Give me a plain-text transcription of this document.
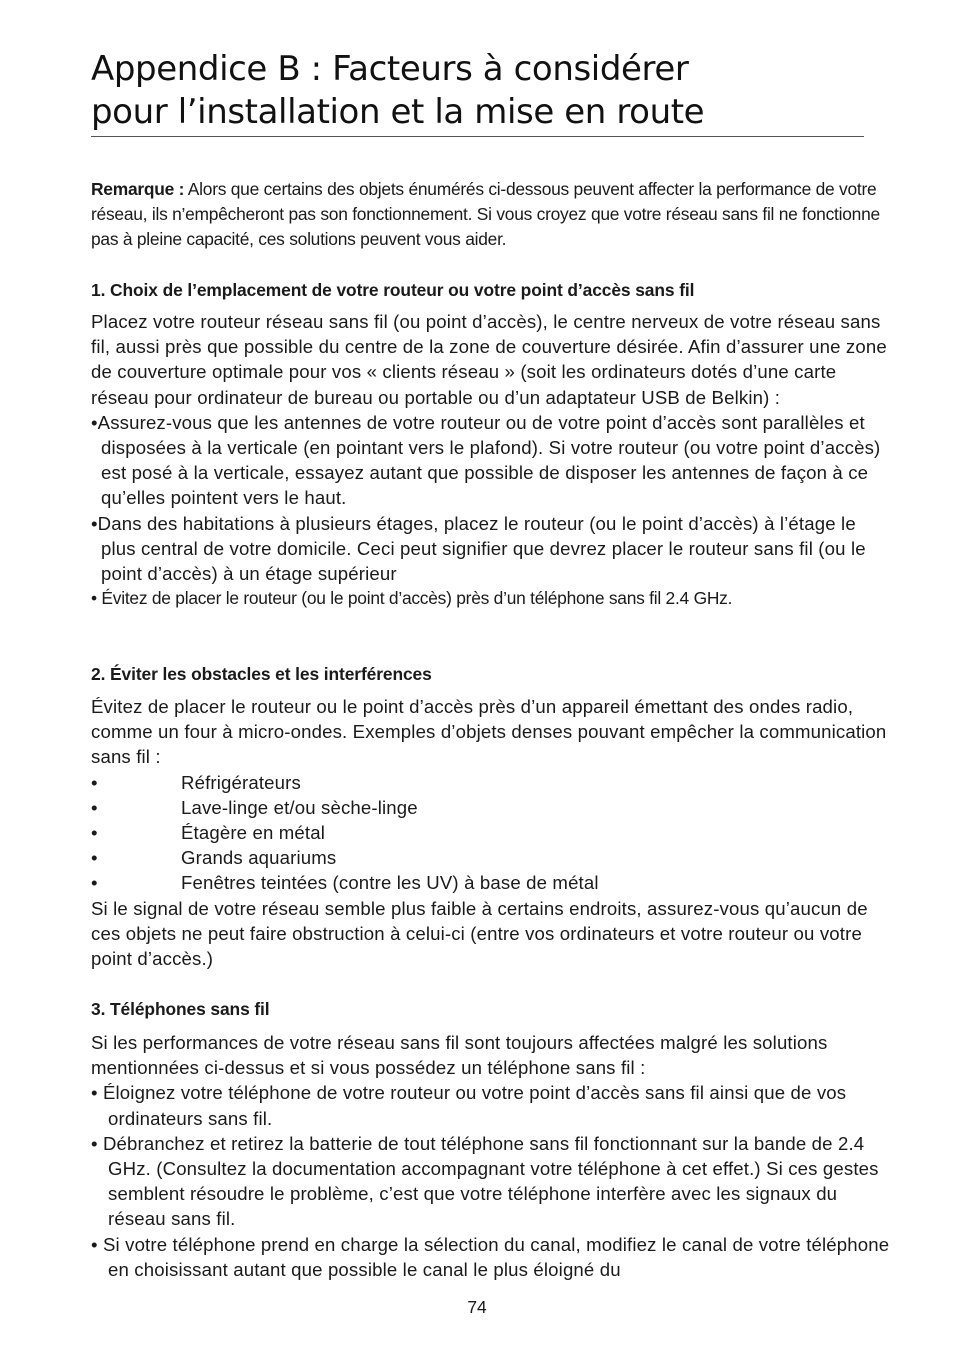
Appendice B : Facteurs à considérer
pour l’installation et la mise en route
Remarque : Alors que certains des objets énumérés ci-dessous peuvent affecter la performance de votre réseau, ils n’empêcheront pas son fonctionnement. Si vous croyez que votre réseau sans fil ne fonctionne pas à pleine capacité, ces solutions peuvent vous aider.

1. Choix de l’emplacement de votre routeur ou votre point d’accès sans fil

Placez votre routeur réseau sans fil (ou point d’accès), le centre nerveux de votre réseau sans fil, aussi près que possible du centre de la zone de couverture désirée. Afin d’assurer une zone de couverture optimale pour vos « clients réseau » (soit les ordinateurs dotés d’une carte réseau pour ordinateur de bureau ou portable ou d’un adaptateur USB de Belkin) :

•Assurez-vous que les antennes de votre routeur ou de votre point d’accès sont parallèles et disposées à la verticale (en pointant vers le plafond). Si votre routeur (ou votre point d’accès) est posé à la verticale, essayez autant que possible de disposer les antennes de façon à ce qu’elles pointent vers le haut.

•Dans des habitations à plusieurs étages, placez le routeur (ou le point d’accès) à l’étage le plus central de votre domicile. Ceci peut signifier que devrez placer le routeur sans fil (ou le point d’accès) à un étage supérieur

• Évitez de placer le routeur (ou le point d’accès) près d’un téléphone sans fil 2.4 GHz.

2. Éviter les obstacles et les interférences

Évitez de placer le routeur ou le point d’accès près d’un appareil émettant des ondes radio, comme un four à micro-ondes. Exemples d’objets denses pouvant empêcher la communication sans fil :

•	Réfrigérateurs
•	Lave-linge et/ou sèche-linge
•	Étagère en métal
•	Grands aquariums
•	Fenêtres teintées (contre les UV) à base de métal

Si le signal de votre réseau semble plus faible à certains endroits, assurez-vous qu’aucun de ces objets ne peut faire obstruction à celui-ci (entre vos ordinateurs et votre routeur ou votre point d’accès.)

3. Téléphones sans fil

Si les performances de votre réseau sans fil sont toujours affectées malgré les solutions mentionnées ci-dessus et si vous possédez un téléphone sans fil :

• Éloignez votre téléphone de votre routeur ou votre point d’accès sans fil ainsi que de vos ordinateurs sans fil.

• Débranchez et retirez la batterie de tout téléphone sans fil fonctionnant sur la bande de 2.4 GHz. (Consultez la documentation accompagnant votre téléphone à cet effet.) Si ces gestes semblent résoudre le problème, c’est que votre téléphone interfère avec les signaux du réseau sans fil.

• Si votre téléphone prend en charge la sélection du canal, modifiez le canal de votre téléphone en choisissant autant que possible le canal le plus éloigné du

74
